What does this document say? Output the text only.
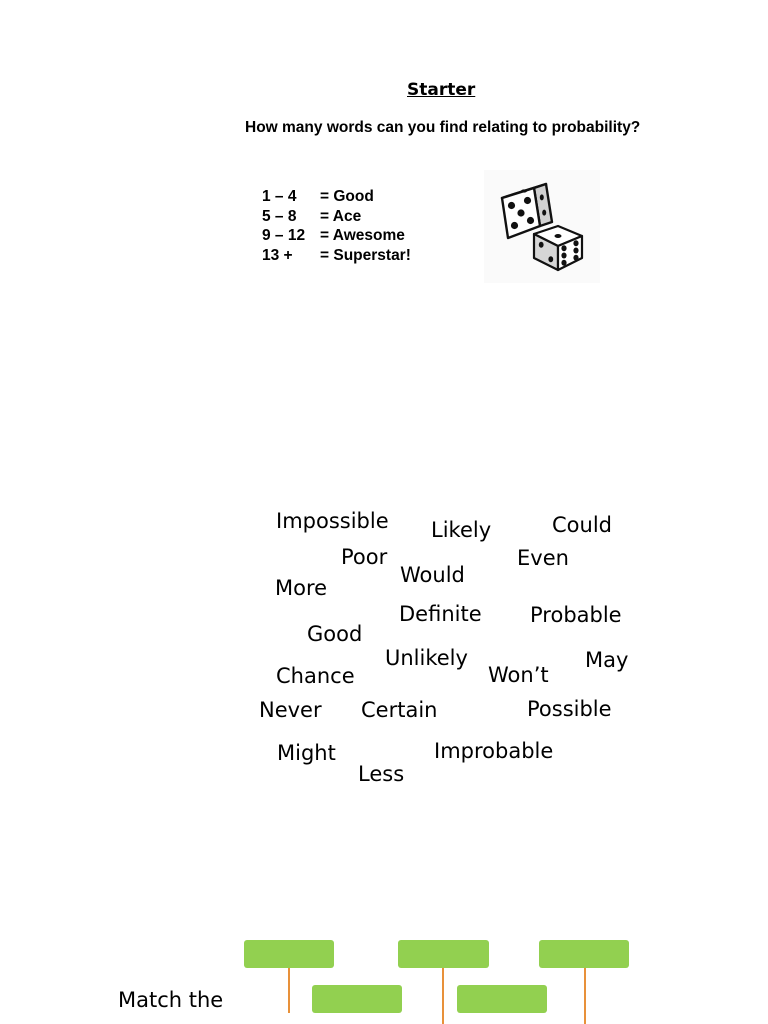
Starter
How many words can you find relating to probability?
1 – 4 = Good
5 – 8 = Ace
9 – 12 = Awesome
13 + = Superstar!
Impossible Likely	Could
Poor	Even
Would
More
Definite Probable
Good
Unlikely	May
Chance	Won’t
Never Certain	Possible
Might	Improbable
Less
Match the
